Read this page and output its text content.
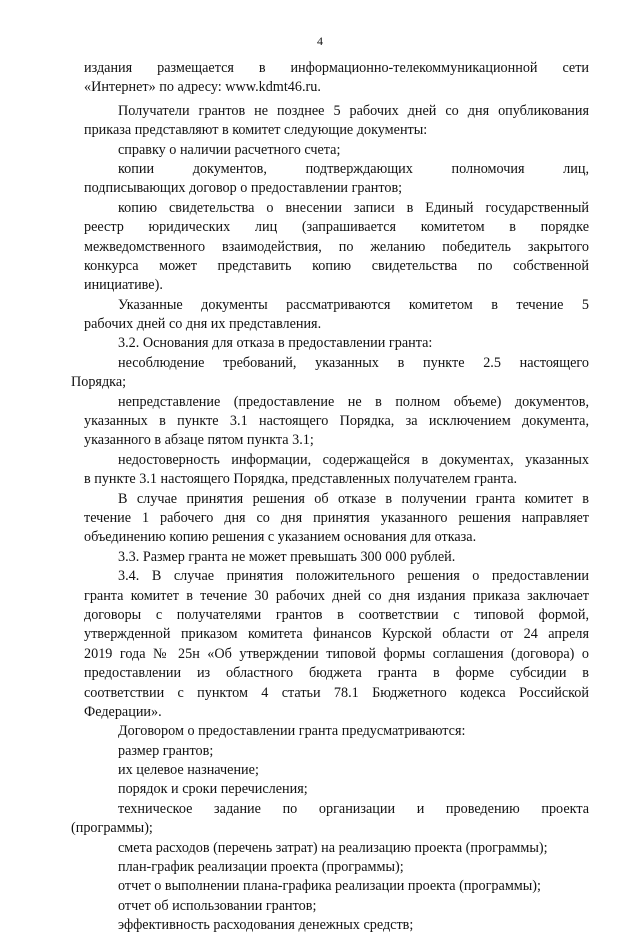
4
издания размещается в информационно-телекоммуникационной сети
«Интернет» по адресу: www.kdmt46.ru.
Получатели грантов не позднее 5 рабочих дней со дня опубликования
приказа представляют в комитет следующие документы:
справку о наличии расчетного счета;
копии документов, подтверждающих полномочия лиц,
подписывающих договор о предоставлении грантов;
копию свидетельства о внесении записи в Единый государственный
реестр юридических лиц (запрашивается комитетом в порядке
межведомственного взаимодействия, по желанию победитель закрытого
конкурса может представить копию свидетельства по собственной
инициативе).
Указанные документы рассматриваются комитетом в течение 5
рабочих дней со дня их представления.
3.2. Основания для отказа в предоставлении гранта:
несоблюдение требований, указанных в пункте 2.5 настоящего
Порядка;
непредставление (предоставление не в полном объеме) документов,
указанных в пункте 3.1 настоящего Порядка, за исключением документа,
указанного в абзаце пятом пункта 3.1;
недостоверность информации, содержащейся в документах, указанных
в пункте 3.1 настоящего Порядка, представленных получателем гранта.
В случае принятия решения об отказе в получении гранта комитет в
течение 1 рабочего дня со дня принятия указанного решения направляет
объединению копию решения с указанием основания для отказа.
3.3. Размер гранта не может превышать 300 000 рублей.
3.4. В случае принятия положительного решения о предоставлении
гранта комитет в течение 30 рабочих дней со дня издания приказа заключает
договоры с получателями грантов в соответствии с типовой формой,
утвержденной приказом комитета финансов Курской области от 24 апреля
2019 года № 25н «Об утверждении типовой формы соглашения (договора) о
предоставлении из областного бюджета гранта в форме субсидии в
соответствии с пунктом 4 статьи 78.1 Бюджетного кодекса Российской
Федерации».
Договором о предоставлении гранта предусматриваются:
размер грантов;
их целевое назначение;
порядок и сроки перечисления;
техническое задание по организации и проведению проекта
(программы);
смета расходов (перечень затрат) на реализацию проекта (программы);
план-график реализации проекта (программы);
отчет о выполнении плана-графика реализации проекта (программы);
отчет об использовании грантов;
эффективность расходования денежных средств;
